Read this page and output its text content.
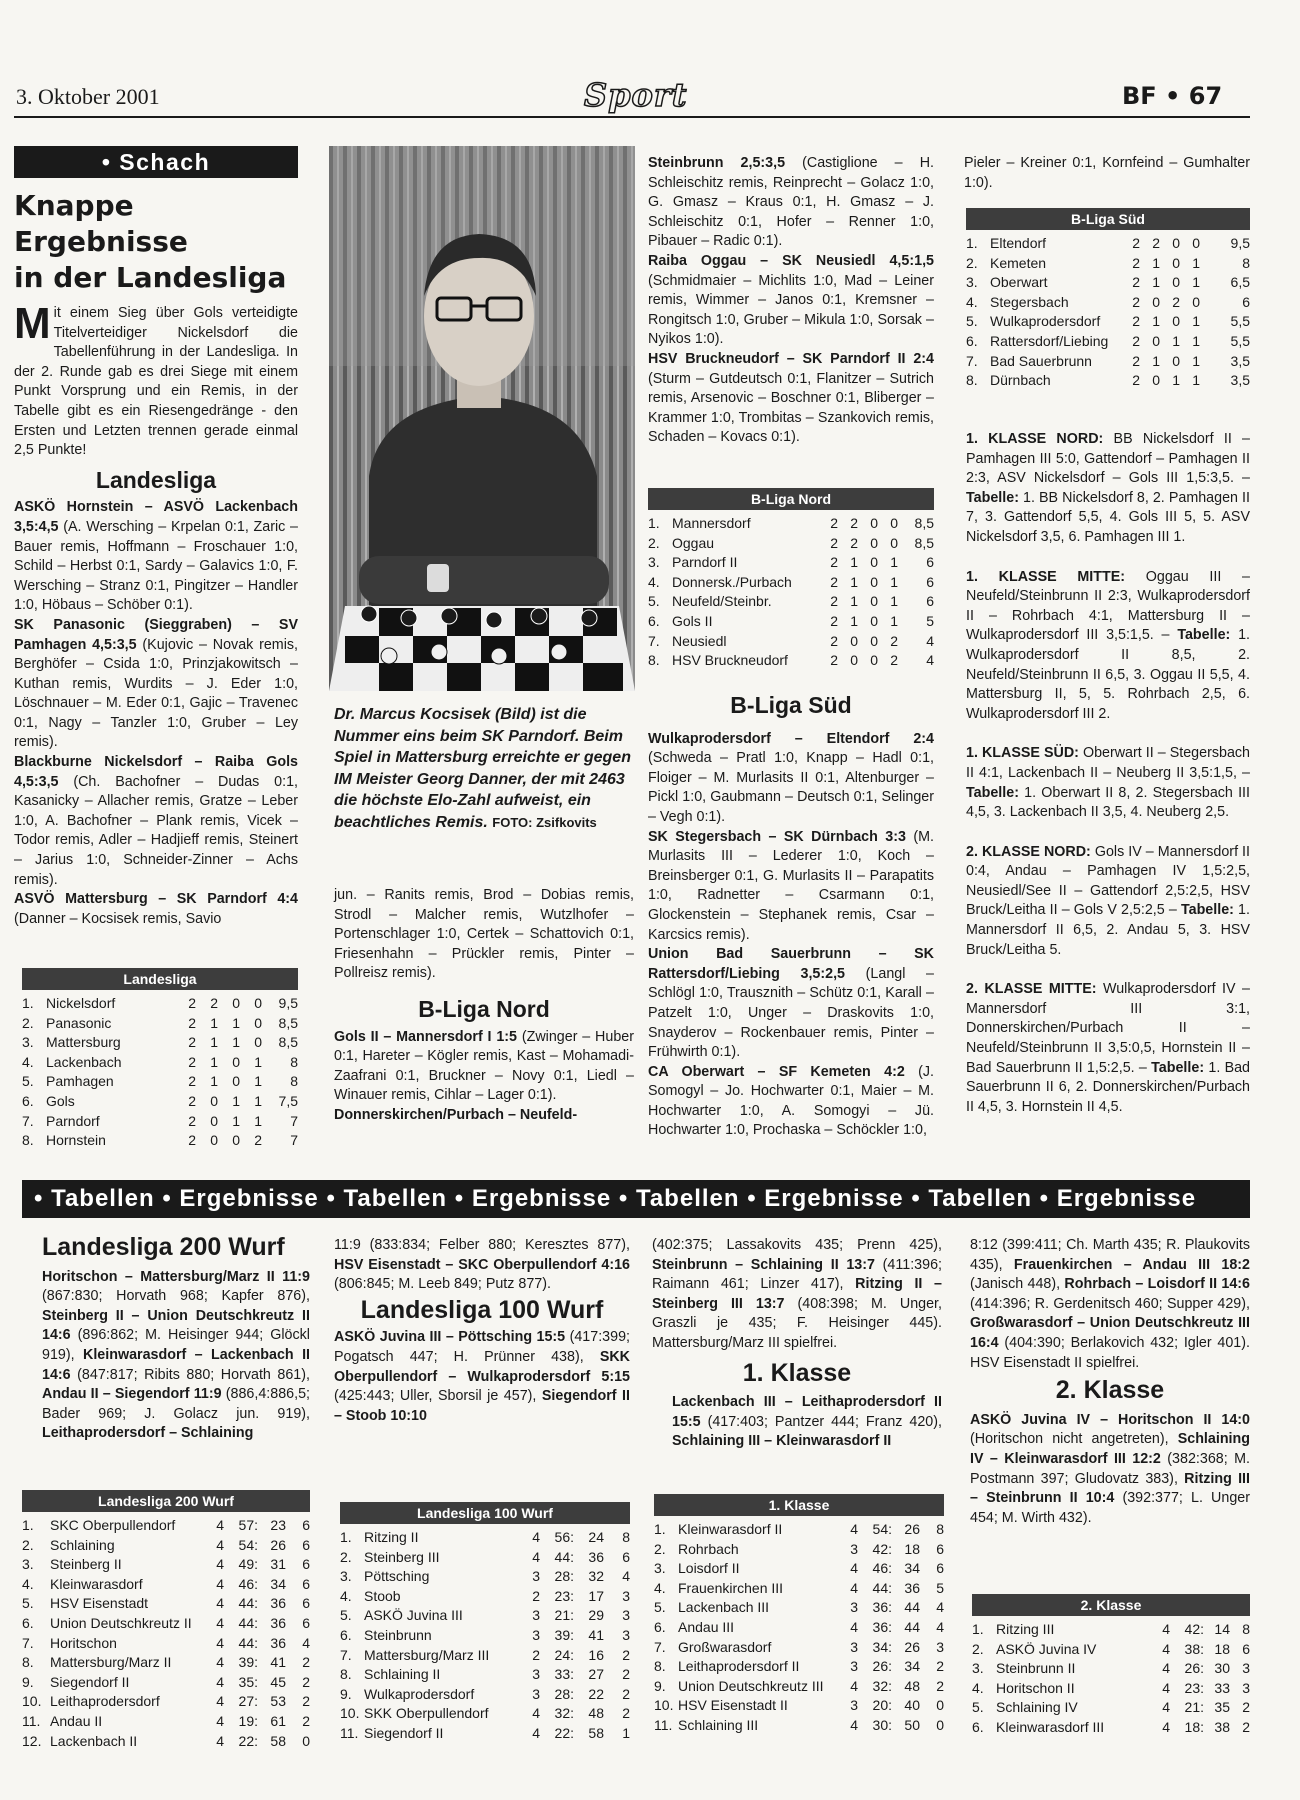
3. Oktober 2001	Sport	BF • 67
• Schach
Knappe Ergebnisse
in der Landesliga

Mit einem Sieg über Gols verteidigte Titelverteidiger Nickelsdorf die Tabellenführung in der Landesliga. In der 2. Runde gab es drei Siege mit einem Punkt Vorsprung und ein Remis, in der Tabelle gibt es ein Riesengedränge - den Ersten und Letzten trennen gerade einmal 2,5 Punkte!

Landesliga

ASKÖ Hornstein – ASVÖ Lackenbach 3,5:4,5 (A. Wersching – Krpelan 0:1, Zaric – Bauer remis, Hoffmann – Froschauer 1:0, Schild – Herbst 0:1, Sardy – Galavics 1:0, F. Wersching – Stranz 0:1, Pingitzer – Handler 1:0, Höbaus – Schöber 0:1).

SK Panasonic (Sieggraben) – SV Pamhagen 4,5:3,5 (Kujovic – Novak remis, Berghöfer – Csida 1:0, Prinzjakowitsch – Kuthan remis, Wurdits – J. Eder 1:0, Löschnauer – M. Eder 0:1, Gajic – Travenec 0:1, Nagy – Tanzler 1:0, Gruber – Ley remis).

Blackburne Nickelsdorf – Raiba Gols 4,5:3,5 (Ch. Bachofner – Dudas 0:1, Kasanicky – Allacher remis, Gratze – Leber 1:0, A. Bachofner – Plank remis, Vicek – Todor remis, Adler – Hadjieff remis, Steinert – Jarius 1:0, Schneider-Zinner – Achs remis).

ASVÖ Mattersburg – SK Parndorf 4:4 (Danner – Kocsisek remis, Savio

Landesliga
1. Nickelsdorf	2	2	0	0	9,5
2. Panasonic	2	1	1	0	8,5
3. Mattersburg	2	1	1	0	8,5
4. Lackenbach	2	1	0	1	8
5. Pamhagen	2	1	0	1	8
6. Gols	2	0	1	1	7,5
7. Parndorf	2	0	1	1	7
8. Hornstein	2	0	0	2	7
Dr. Marcus Kocsisek (Bild) ist die Nummer eins beim SK Parndorf. Beim Spiel in Mattersburg erreichte er gegen IM Meister Georg Danner, der mit 2463 die höchste Elo-Zahl aufweist, ein beachtliches Remis. FOTO: Zsifkovits

jun. – Ranits remis, Brod – Dobias remis, Strodl – Malcher remis, Wutzlhofer – Portenschlager 1:0, Certek – Schattovich 0:1, Friesenhahn – Prückler remis, Pinter – Pollreisz remis).

B-Liga Nord

Gols II – Mannersdorf I 1:5 (Zwinger – Huber 0:1, Hareter – Kögler remis, Kast – Mohamadi-Zaafrani 0:1, Bruckner – Novy 0:1, Liedl – Winauer remis, Cihlar – Lager 0:1).

Donnerskirchen/Purbach – Neufeld-

Steinbrunn 2,5:3,5 (Castiglione – H. Schleischitz remis, Reinprecht – Golacz 1:0, G. Gmasz – Kraus 0:1, H. Gmasz – J. Schleischitz 0:1, Hofer – Renner 1:0, Pibauer – Radic 0:1).

Raiba Oggau – SK Neusiedl 4,5:1,5 (Schmidmaier – Michlits 1:0, Mad – Leiner remis, Wimmer – Janos 0:1, Kremsner – Rongitsch 1:0, Gruber – Mikula 1:0, Sorsak – Nyikos 1:0).

HSV Bruckneudorf – SK Parndorf II 2:4 (Sturm – Gutdeutsch 0:1, Flanitzer – Sutrich remis, Arsenovic – Boschner 0:1, Bliberger – Krammer 1:0, Trombitas – Szankovich remis, Schaden – Kovacs 0:1).

B-Liga Nord
1. Mannersdorf	2 2 0 0	8,5
2. Oggau	2 2 0 0	8,5
3. Parndorf II	2 1 0 1	6
4. Donnersk./Purbach	2 1 0 1	6
5. Neufeld/Steinbr.	2 1 0 1	6
6. Gols II	2 1 0 1	5
7. Neusiedl	2 0 0 2	4
8. HSV Bruckneudorf	2 0 0 2	4
B-Liga Süd

Wulkaprodersdorf – Eltendorf 2:4 (Schweda – Pratl 1:0, Knapp – Hadl 0:1, Floiger – M. Murlasits II 0:1, Altenburger – Pickl 1:0, Gaubmann – Deutsch 0:1, Selinger – Vegh 0:1).

SK Stegersbach – SK Dürnbach 3:3 (M. Murlasits III – Lederer 1:0, Koch – Breinsberger 0:1, G. Murlasits II – Parapatits 1:0, Radnetter – Csarmann 0:1, Glockenstein – Stephanek remis, Csar – Karcsics remis).

Union Bad Sauerbrunn – SK Rattersdorf/Liebing 3,5:2,5 (Langl – Schlögl 1:0, Trausznith – Schütz 0:1, Karall – Patzelt 1:0, Unger – Draskovits 1:0, Snayderov – Rockenbauer remis, Pinter – Frühwirth 0:1).

CA Oberwart – SF Kemeten 4:2 (J. Somogyl – Jo. Hochwarter 0:1, Maier – M. Hochwarter 1:0, A. Somogyi – Jü. Hochwarter 1:0, Prochaska – Schöckler 1:0,

Pieler – Kreiner 0:1, Kornfeind – Gumhalter 1:0).

B-Liga Süd
1. Eltendorf	2 2 0 0	9,5
2. Kemeten	2 1 0 1	8
3. Oberwart	2 1 0 1	6,5
4. Stegersbach	2 0 2 0	6
5. Wulkaprodersdorf	2 1 0 1	5,5
6. Rattersdorf/Liebing	2 0 1 1	5,5
7. Bad Sauerbrunn	2 1 0 1	3,5
8. Dürnbach	2 0 1 1	3,5

1. KLASSE NORD: BB Nickelsdorf II – Pamhagen III 5:0, Gattendorf – Pamhagen II 2:3, ASV Nickelsdorf – Gols III 1,5:3,5. – Tabelle: 1. BB Nickelsdorf 8, 2. Pamhagen II 7, 3. Gattendorf 5,5, 4. Gols III 5, 5. ASV Nickelsdorf 3,5, 6. Pamhagen III 1.

1. KLASSE MITTE: Oggau III – Neufeld/Steinbrunn II 2:3, Wulkaprodersdorf II – Rohrbach 4:1, Mattersburg II – Wulkaprodersdorf III 3,5:1,5. – Tabelle: 1. Wulkaprodersdorf II 8,5, 2. Neufeld/Steinbrunn II 6,5, 3. Oggau II 5,5, 4. Mattersburg II, 5, 5. Rohrbach 2,5, 6. Wulkaprodersdorf III 2.

1. KLASSE SÜD: Oberwart II – Stegersbach II 4:1, Lackenbach II – Neuberg II 3,5:1,5, – Tabelle: 1. Oberwart II 8, 2. Stegersbach III 4,5, 3. Lackenbach II 3,5, 4. Neuberg 2,5.

2. KLASSE NORD: Gols IV – Mannersdorf II 0:4, Andau – Pamhagen IV 1,5:2,5, Neusiedl/See II – Gattendorf 2,5:2,5, HSV Bruck/Leitha II – Gols V 2,5:2,5 – Tabelle: 1. Mannersdorf II 6,5, 2. Andau 5, 3. HSV Bruck/Leitha 5.

2. KLASSE MITTE: Wulkaprodersdorf IV – Mannersdorf III 3:1, Donnerskirchen/Purbach II – Neufeld/Steinbrunn II 3,5:0,5, Hornstein II – Bad Sauerbrunn II 1,5:2,5. – Tabelle: 1. Bad Sauerbrunn II 6, 2. Donnerskirchen/Purbach II 4,5, 3. Hornstein II 4,5.

• Tabellen • Ergebnisse • Tabellen • Ergebnisse • Tabellen • Ergebnisse • Tabellen • Ergebnisse
Landesliga 200 Wurf

Horitschon – Mattersburg/Marz II 11:9 (867:830; Horvath 968; Kapfer 876), Steinberg II – Union Deutschkreutz II 14:6 (896:862; M. Heisinger 944; Glöckl 919), Kleinwarasdorf – Lackenbach II 14:6 (847:817; Ribits 880; Horvath 861), Andau II – Siegendorf 11:9 (886,4:886,5; Bader 969; J. Golacz jun. 919), Leithaprodersdorf – Schlaining

Landesliga 200 Wurf
1.	SKC Oberpullendorf	4	57: 23	6
2.	Schlaining	4	54: 26	6
3.	Steinberg II	4	49: 31	6
4.	Kleinwarasdorf	4	46: 34	6
5.	HSV Eisenstadt	4	44: 36	6
6.	Union Deutschkreutz II	4	44: 36	6
7.	Horitschon	4	44: 36	4
8.	Mattersburg/Marz II	4	39: 41	2
9.	Siegendorf II	4	35: 45	2
10. Leithaprodersdorf	4	27: 53	2
11. Andau II	4	19: 61	2
12. Lackenbach II	4	22: 58	0

11:9 (833:834; Felber 880; Keresztes 877), HSV Eisenstadt – SKC Oberpullendorf 4:16 (806:845; M. Leeb 849; Putz 877).

Landesliga 100 Wurf

ASKÖ Juvina III – Pöttsching 15:5 (417:399; Pogatsch 447; H. Prünner 438), SKK Oberpullendorf – Wulkaprodersdorf 5:15 (425:443; Uller, Sborsil je 457), Siegendorf II – Stoob 10:10

Landesliga 100 Wurf
1. Ritzing II	4	56:	24	8
2. Steinberg III	4	44:	36	6
3. Pöttsching	3	28:	32	4
4. Stoob	2	23:	17	3
5. ASKÖ Juvina III	3	21:	29	3
6. Steinbrunn	3	39:	41	3
7. Mattersburg/Marz III	2	24:	16	2
8. Schlaining II	3	33:	27	2
9. Wulkaprodersdorf	3	28:	22	2
10. SKK Oberpullendorf	4	32:	48	2
11. Siegendorf II	4	22:	58	1

(402:375; Lassakovits 435; Prenn 425), Steinbrunn – Schlaining II 13:7 (411:396; Raimann 461; Linzer 417), Ritzing II – Steinberg III 13:7 (408:398; M. Unger, Graszli je 435; F. Heisinger 445). Mattersburg/Marz III spielfrei.

1. Klasse

Lackenbach III – Leithaprodersdorf II 15:5 (417:403; Pantzer 444; Franz 420), Schlaining III – Kleinwarasdorf II

1. Klasse
1. Kleinwarasdorf II	4	54: 26	8
2. Rohrbach	3	42: 18	6
3. Loisdorf II	4	46: 34	6
4. Frauenkirchen III	4	44: 36	5
5. Lackenbach III	3	36: 44	4
6. Andau III	4	36: 44	4
7. Großwarasdorf	3	34: 26	3
8. Leithaprodersdorf II	3	26: 34	2
9. Union Deutschkreutz III	4	32: 48	2
10. HSV Eisenstadt II	3	20: 40	0
11. Schlaining III	4	30: 50	0

8:12 (399:411; Ch. Marth 435; R. Plaukovits 435), Frauenkirchen – Andau III 18:2 (Janisch 448), Rohrbach – Loisdorf II 14:6 (414:396; R. Gerdenitsch 460; Supper 429), Großwarasdorf – Union Deutschkreutz III 16:4 (404:390; Berlakovich 432; Igler 401). HSV Eisenstadt II spielfrei.

2. Klasse

ASKÖ Juvina IV – Horitschon II 14:0 (Horitschon nicht angetreten), Schlaining IV – Kleinwarasdorf III 12:2 (382:368; M. Postmann 397; Gludovatz 383), Ritzing III – Steinbrunn II 10:4 (392:377; L. Unger 454; M. Wirth 432).

2. Klasse
1. Ritzing III	4	42: 14 8
2. ASKÖ Juvina IV	4	38: 18 6
3. Steinbrunn II	4	26: 30 3
4. Horitschon II	4	23: 33 3
5. Schlaining IV	4	21: 35 2
6. Kleinwarasdorf III	4	18: 38 2
